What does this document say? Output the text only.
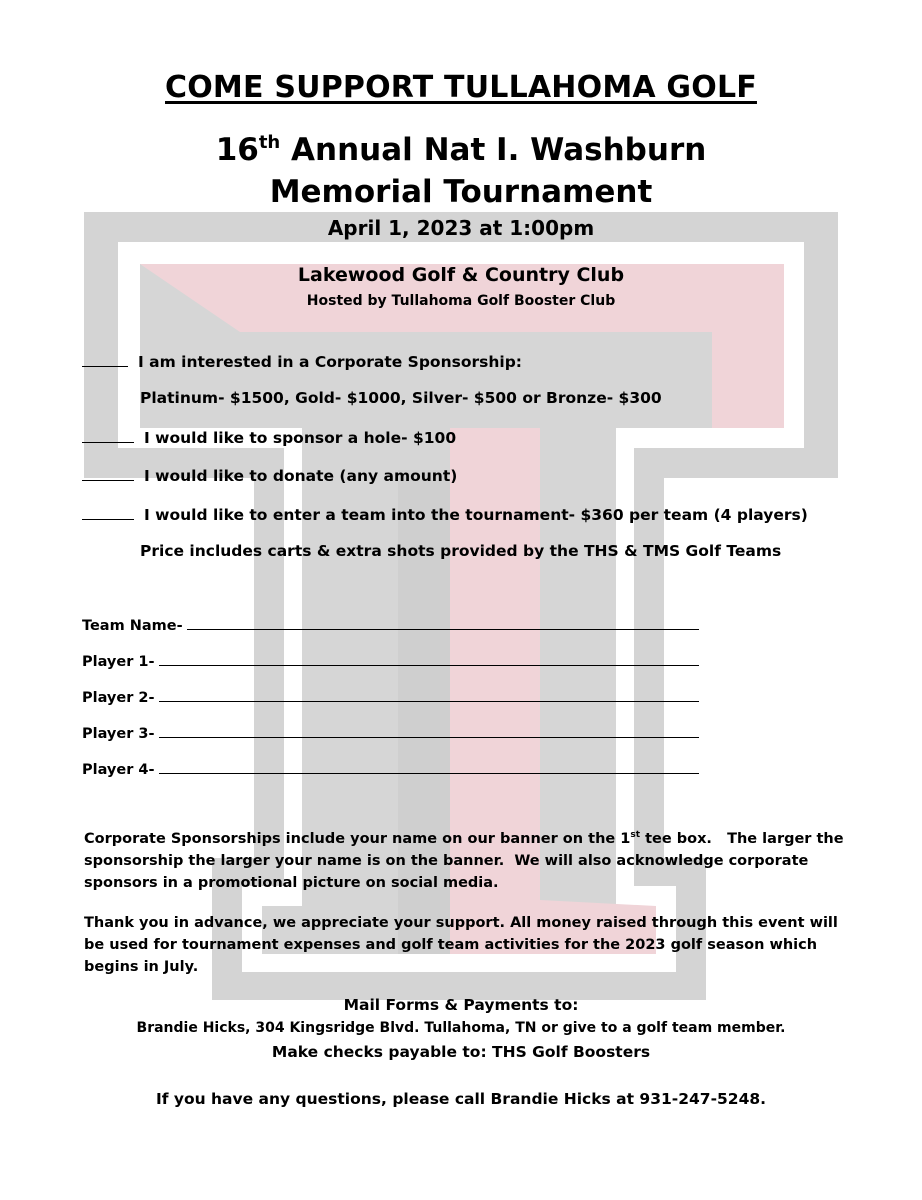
COME SUPPORT TULLAHOMA GOLF
16th Annual Nat I. Washburn
Memorial Tournament
April 1, 2023 at 1:00pm
Lakewood Golf & Country Club
Hosted by Tullahoma Golf Booster Club
I am interested in a Corporate Sponsorship:
Platinum- $1500, Gold- $1000, Silver- $500 or Bronze- $300
I would like to sponsor a hole- $100
I would like to donate (any amount)
I would like to enter a team into the tournament- $360 per team (4 players)
Price includes carts & extra shots provided by the THS & TMS Golf Teams
Team Name-
Player 1-
Player 2-
Player 3-
Player 4-
Corporate Sponsorships include your name on our banner on the 1st tee box.   The larger the sponsorship the larger your name is on the banner.  We will also acknowledge corporate sponsors in a promotional picture on social media.
Thank you in advance, we appreciate your support. All money raised through this event will be used for tournament expenses and golf team activities for the 2023 golf season which begins in July.
Mail Forms & Payments to:
Brandie Hicks, 304 Kingsridge Blvd. Tullahoma, TN or give to a golf team member.
Make checks payable to: THS Golf Boosters
If you have any questions, please call Brandie Hicks at 931-247-5248.
